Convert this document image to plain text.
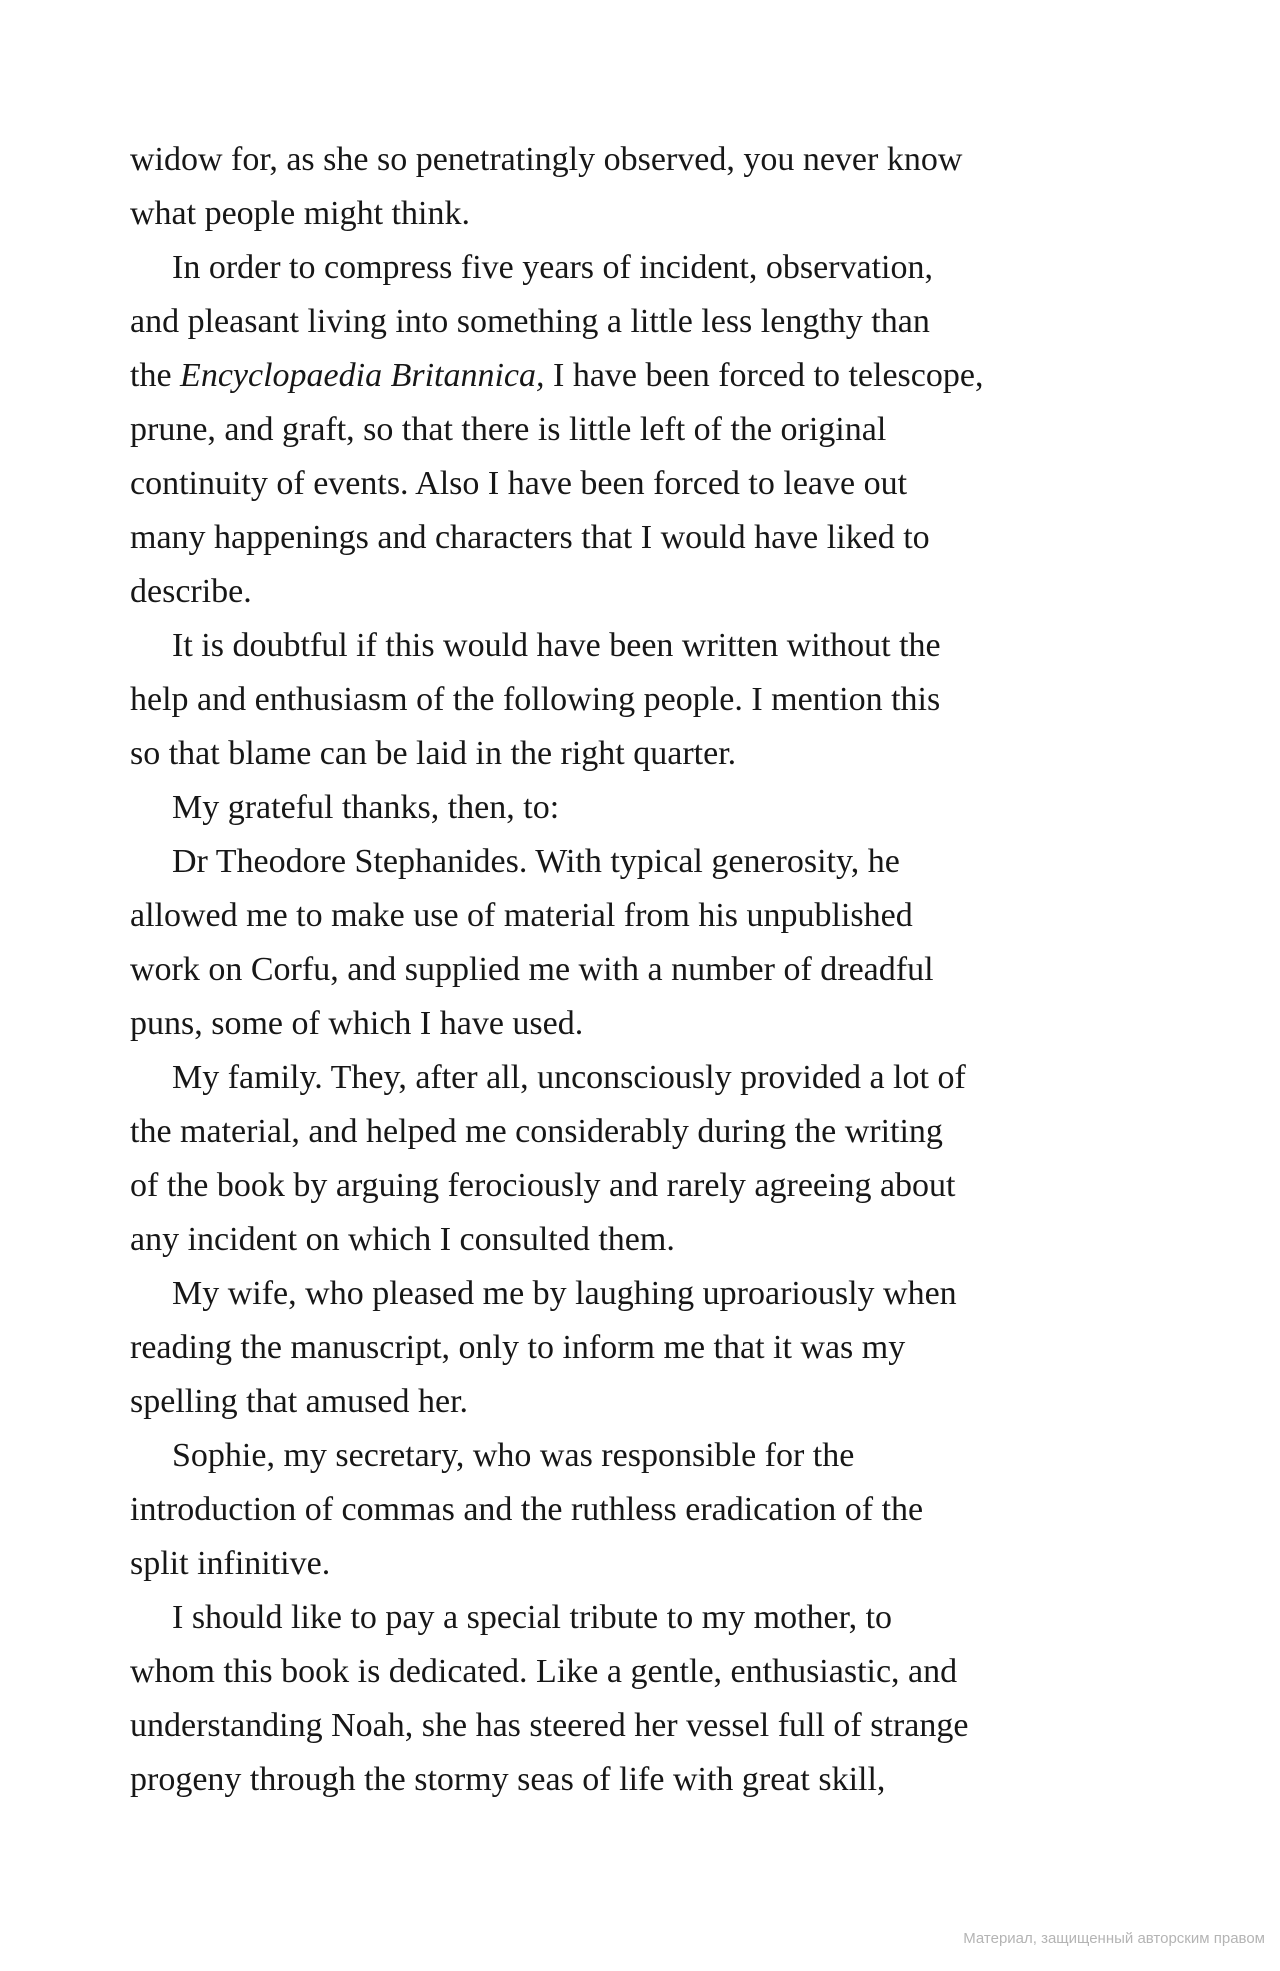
widow for, as she so penetratingly observed, you never know
what people might think.

In order to compress five years of incident, observation,
and pleasant living into something a little less lengthy than
the Encyclopaedia Britannica, I have been forced to telescope,
prune, and graft, so that there is little left of the original
continuity of events. Also I have been forced to leave out
many happenings and characters that I would have liked to
describe.

It is doubtful if this would have been written without the
help and enthusiasm of the following people. I mention this
so that blame can be laid in the right quarter.

My grateful thanks, then, to:

Dr Theodore Stephanides. With typical generosity, he
allowed me to make use of material from his unpublished
work on Corfu, and supplied me with a number of dreadful
puns, some of which I have used.

My family. They, after all, unconsciously provided a lot of
the material, and helped me considerably during the writing
of the book by arguing ferociously and rarely agreeing about
any incident on which I consulted them.

My wife, who pleased me by laughing uproariously when
reading the manuscript, only to inform me that it was my
spelling that amused her.

Sophie, my secretary, who was responsible for the
introduction of commas and the ruthless eradication of the
split infinitive.

I should like to pay a special tribute to my mother, to
whom this book is dedicated. Like a gentle, enthusiastic, and
understanding Noah, she has steered her vessel full of strange
progeny through the stormy seas of life with great skill,

Материал, защищенный авторским правом
